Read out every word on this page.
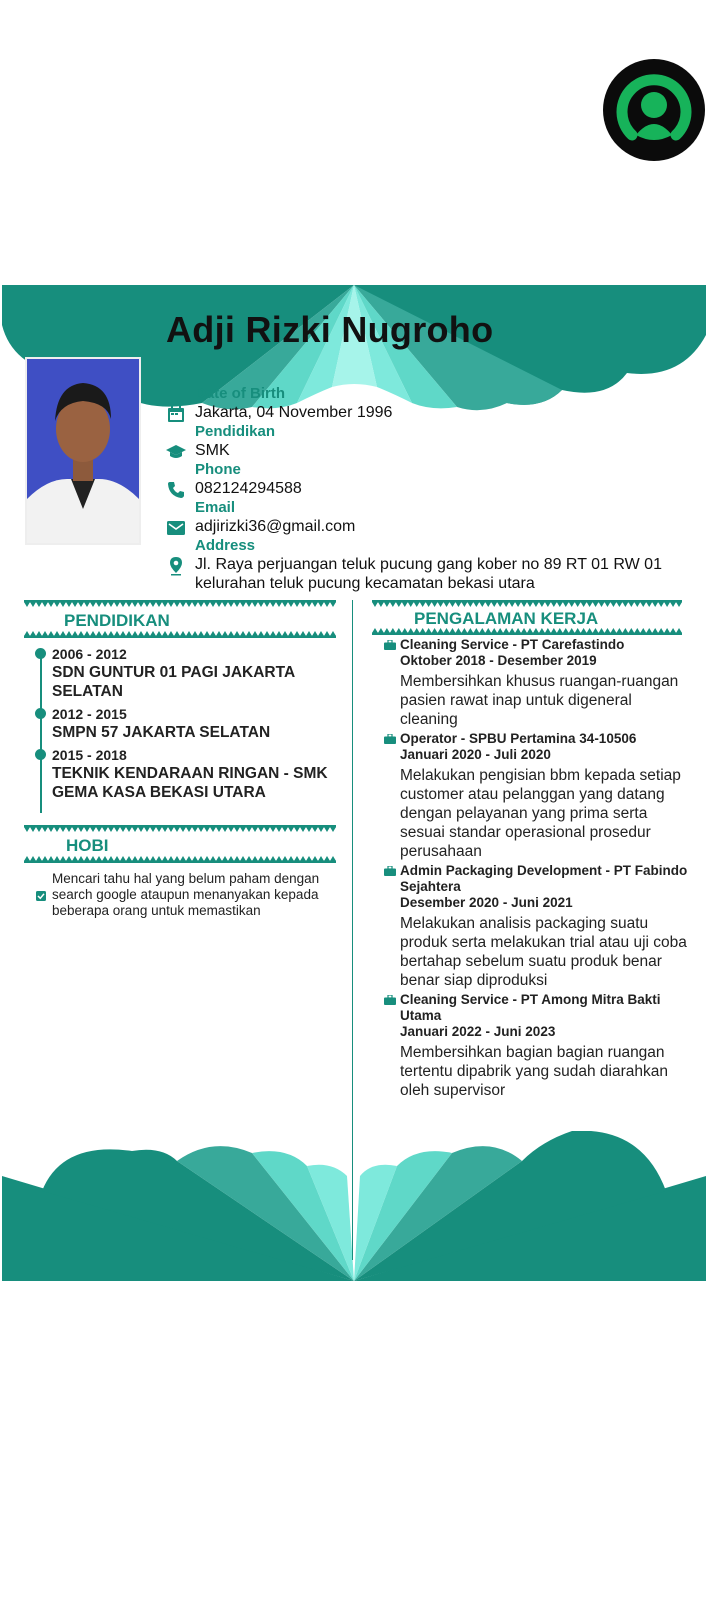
Adji Rizki Nugroho
Date of Birth
Jakarta, 04 November 1996
Pendidikan
SMK
Phone
082124294588
Email
adjirizki36@gmail.com
Address
Jl. Raya perjuangan teluk pucung gang kober no 89 RT 01 RW 01 kelurahan teluk pucung kecamatan bekasi utara
PENDIDIKAN
2006 - 2012
SDN GUNTUR 01 PAGI JAKARTA SELATAN
2012 - 2015
SMPN 57 JAKARTA SELATAN
2015 - 2018
TEKNIK KENDARAAN RINGAN - SMK GEMA KASA BEKASI UTARA
HOBI
Mencari tahu hal yang belum paham dengan search google ataupun menanyakan kepada beberapa orang untuk memastikan
PENGALAMAN KERJA
Cleaning Service - PT Carefastindo
Oktober 2018 - Desember 2019
Membersihkan khusus ruangan-ruangan pasien rawat inap untuk digeneral cleaning
Operator - SPBU Pertamina 34-10506
Januari 2020 - Juli 2020
Melakukan pengisian bbm kepada setiap customer atau pelanggan yang datang dengan pelayanan yang prima serta sesuai standar operasional prosedur perusahaan
Admin Packaging Development - PT Fabindo Sejahtera
Desember 2020 - Juni 2021
Melakukan analisis packaging suatu produk serta melakukan trial atau uji coba bertahap sebelum suatu produk benar benar siap diproduksi
Cleaning Service - PT Among Mitra Bakti Utama
Januari 2022 - Juni 2023
Membersihkan bagian bagian ruangan tertentu dipabrik yang sudah diarahkan oleh supervisor
